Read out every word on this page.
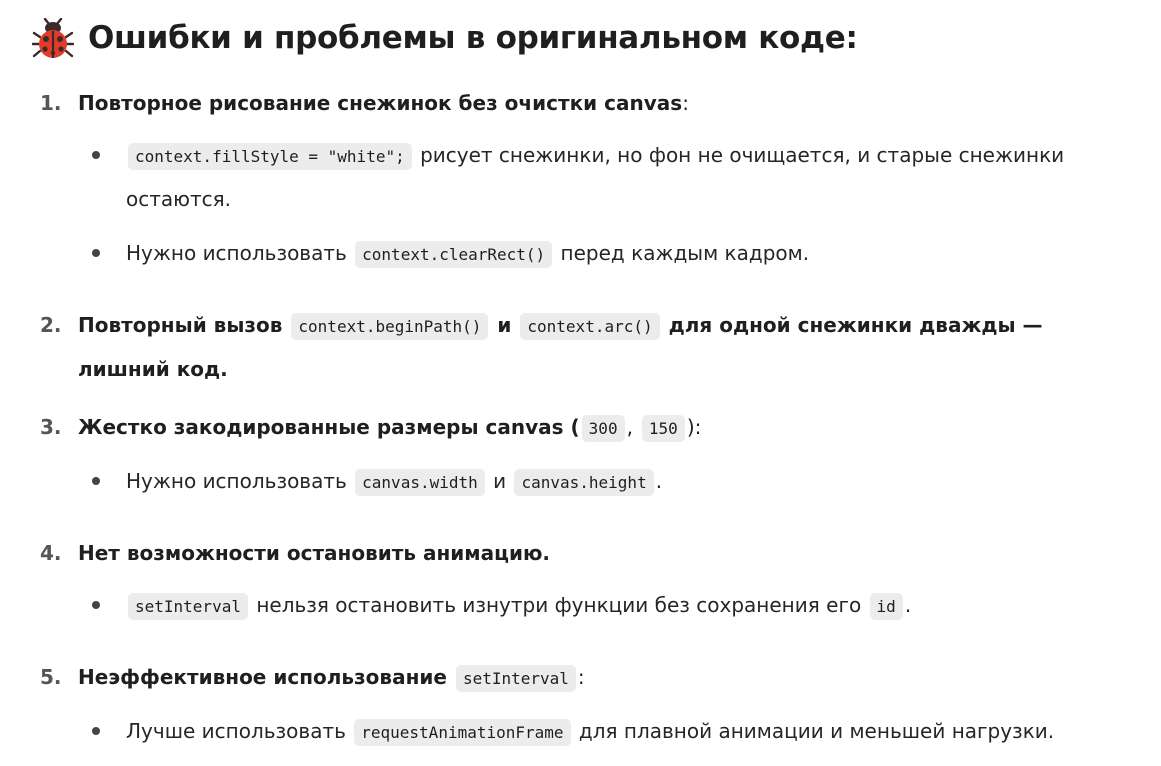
Ошибки и проблемы в оригинальном коде:
1. Повторное рисование снежинок без очистки canvas:
context.fillStyle = "white"; рисует снежинки, но фон не очищается, и старые снежинки остаются.
Нужно использовать context.clearRect() перед каждым кадром.
2. Повторный вызов context.beginPath() и context.arc() для одной снежинки дважды — лишний код.
3. Жестко закодированные размеры canvas ( 300 , 150 ):
Нужно использовать canvas.width и canvas.height .
4. Нет возможности остановить анимацию.
setInterval нельзя остановить изнутри функции без сохранения его id .
5. Неэффективное использование setInterval :
Лучше использовать requestAnimationFrame для плавной анимации и меньшей нагрузки.
